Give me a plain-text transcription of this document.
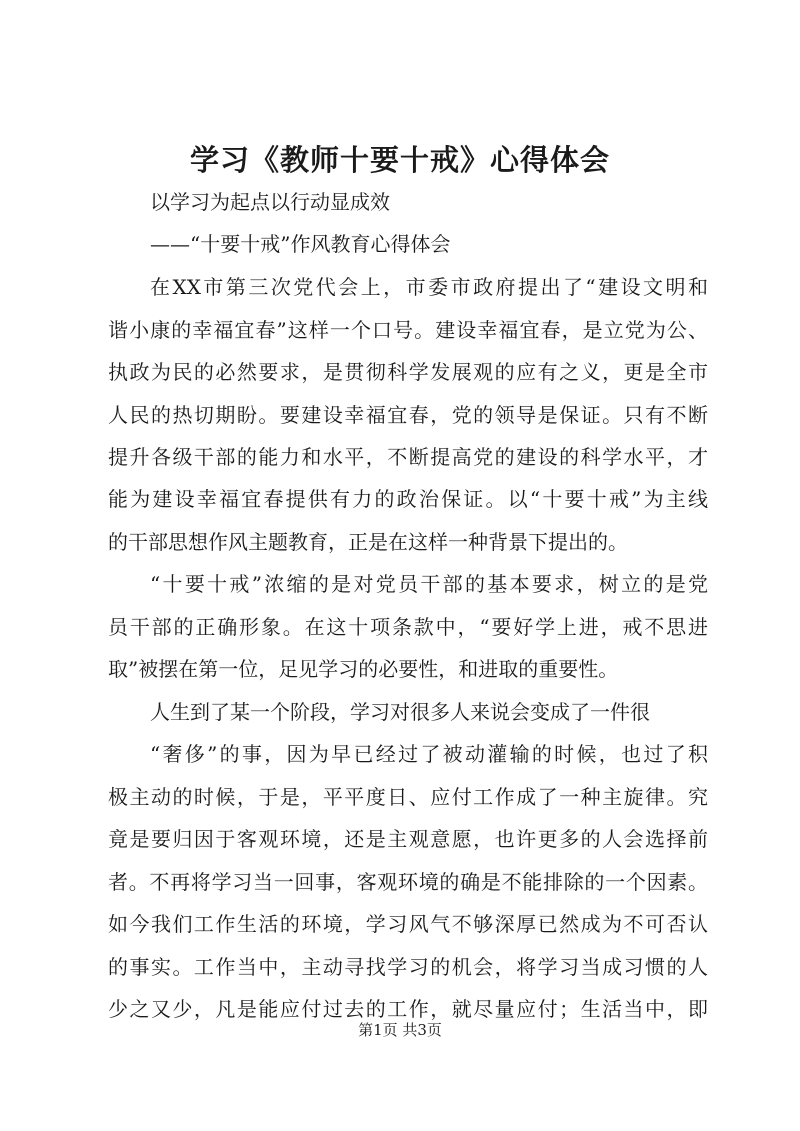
学习《教师十要十戒》心得体会
以学习为起点以行动显成效
——“十要十戒”作风教育心得体会
在XX市第三次党代会上，市委市政府提出了“建设文明和
谐小康的幸福宜春”这样一个口号。建设幸福宜春，是立党为公、
执政为民的必然要求，是贯彻科学发展观的应有之义，更是全市
人民的热切期盼。要建设幸福宜春，党的领导是保证。只有不断
提升各级干部的能力和水平，不断提高党的建设的科学水平，才
能为建设幸福宜春提供有力的政治保证。以“十要十戒”为主线
的干部思想作风主题教育，正是在这样一种背景下提出的。
“十要十戒”浓缩的是对党员干部的基本要求，树立的是党
员干部的正确形象。在这十项条款中，“要好学上进，戒不思进
取”被摆在第一位，足见学习的必要性，和进取的重要性。
人生到了某一个阶段，学习对很多人来说会变成了一件很
“奢侈”的事，因为早已经过了被动灌输的时候，也过了积
极主动的时候，于是，平平度日、应付工作成了一种主旋律。究
竟是要归因于客观环境，还是主观意愿，也许更多的人会选择前
者。不再将学习当一回事，客观环境的确是不能排除的一个因素。
如今我们工作生活的环境，学习风气不够深厚已然成为不可否认
的事实。工作当中，主动寻找学习的机会，将学习当成习惯的人
少之又少，凡是能应付过去的工作，就尽量应付；生活当中，即
第1页 共3页
